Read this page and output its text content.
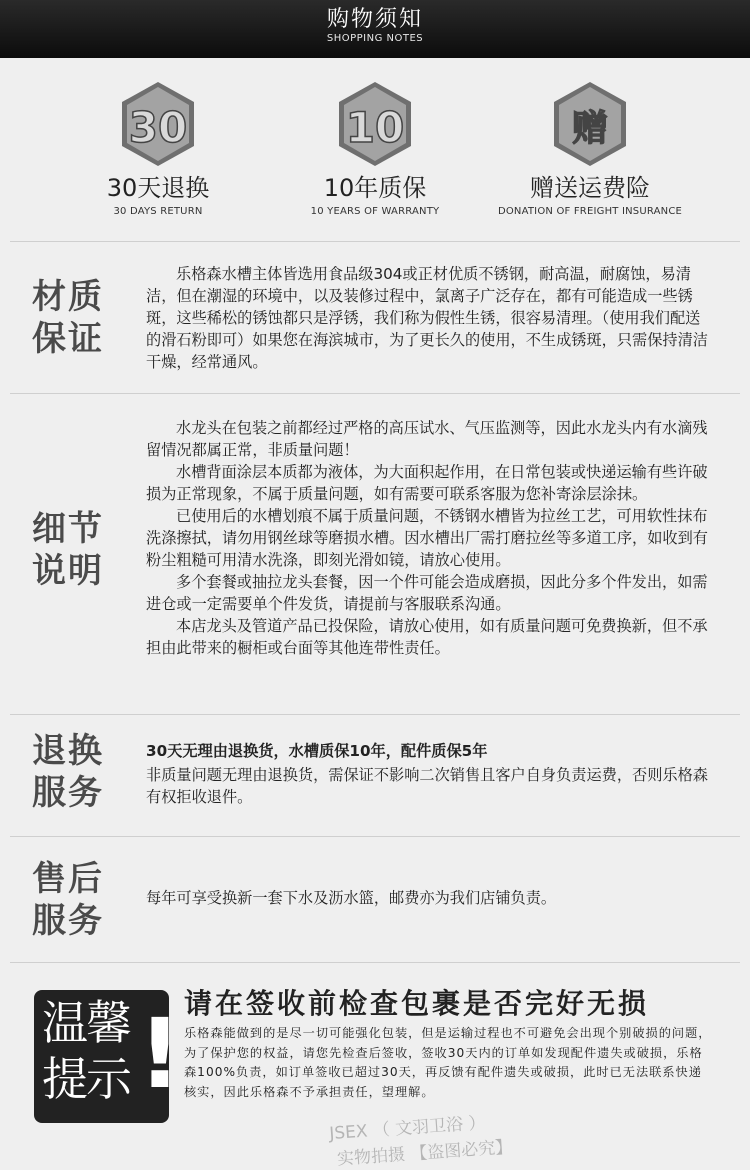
购物须知
SHOPPING NOTES
30
30天退换
30 DAYS RETURN
10
10年质保
10 YEARS OF WARRANTY
赠
赠送运费险
DONATION OF FREIGHT INSURANCE
材质
保证

乐格森水槽主体皆选用食品级304或正材优质不锈钢，耐高温，耐腐蚀，易清洁，但在潮湿的环境中，以及装修过程中，氯离子广泛存在，都有可能造成一些锈斑，这些稀松的锈蚀都只是浮锈，我们称为假性生锈，很容易清理。（使用我们配送的滑石粉即可）如果您在海滨城市，为了更长久的使用，不生成锈斑，只需保持清洁干燥，经常通风。

细节
说明

水龙头在包装之前都经过严格的高压试水、气压监测等，因此水龙头内有水滴残留情况都属正常，非质量问题！

水槽背面涂层本质都为液体，为大面积起作用，在日常包装或快递运输有些许破损为正常现象，不属于质量问题，如有需要可联系客服为您补寄涂层涂抹。

已使用后的水槽划痕不属于质量问题，不锈钢水槽皆为拉丝工艺，可用软性抹布洗涤擦拭，请勿用钢丝球等磨损水槽。因水槽出厂需打磨拉丝等多道工序，如收到有粉尘粗糙可用清水洗涤，即刻光滑如镜，请放心使用。

多个套餐或抽拉龙头套餐，因一个件可能会造成磨损，因此分多个件发出，如需进仓或一定需要单个件发货，请提前与客服联系沟通。

本店龙头及管道产品已投保险，请放心使用，如有质量问题可免费换新，但不承担由此带来的橱柜或台面等其他连带性责任。

退换
服务

30天无理由退换货，水槽质保10年，配件质保5年

非质量问题无理由退换货，需保证不影响二次销售且客户自身负责运费，否则乐格森有权拒收退件。

售后
服务

每年可享受换新一套下水及沥水篮，邮费亦为我们店铺负责。

温馨
提示 ! 请在签收前检查包裹是否完好无损
乐格森能做到的是尽一切可能强化包装，但是运输过程也不可避免会出现个别破损的问题，为了保护您的权益，请您先检查后签收，签收30天内的订单如发现配件遗失或破损，乐格森100%负责，如订单签收已超过30天，再反馈有配件遗失或破损，此时已无法联系快递核实，因此乐格森不予承担责任，望理解。
JSEX （ 文羽卫浴 ）
实物拍摄 【盗图必究】
